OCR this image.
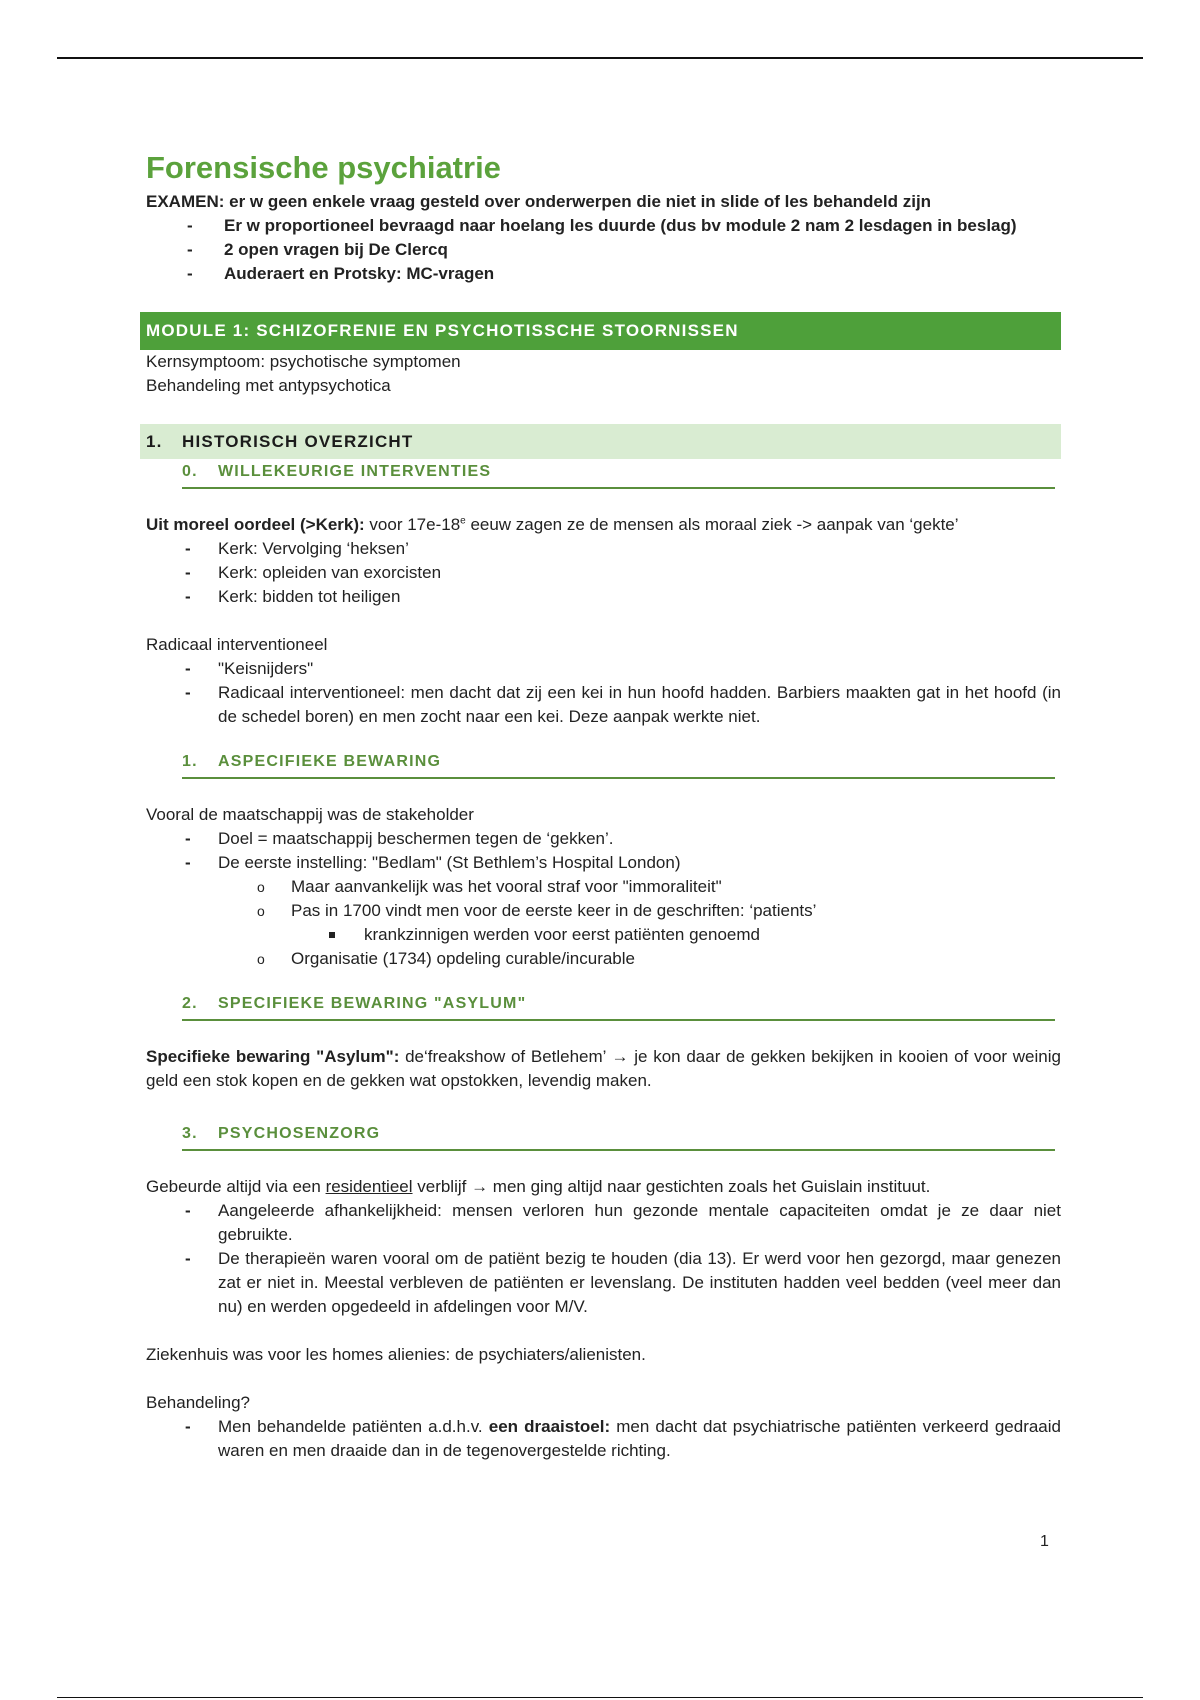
Forensische psychiatrie
EXAMEN: er w geen enkele vraag gesteld over onderwerpen die niet in slide of les behandeld zijn
- Er w proportioneel bevraagd naar hoelang les duurde (dus bv module 2 nam 2 lesdagen in beslag)
- 2 open vragen bij De Clercq
- Auderaert en Protsky: MC-vragen
MODULE 1: SCHIZOFRENIE EN PSYCHOTISSCHE STOORNISSEN
Kernsymptoom: psychotische symptomen
Behandeling met antypsychotica
1. HISTORISCH OVERZICHT
0. WILLEKEURIGE INTERVENTIES
Uit moreel oordeel (>Kerk): voor 17e-18e eeuw zagen ze de mensen als moraal ziek -> aanpak van ‘gekte’
- Kerk: Vervolging ‘heksen’
- Kerk: opleiden van exorcisten
- Kerk: bidden tot heiligen
Radicaal interventioneel
- "Keisnijders"
- Radicaal interventioneel: men dacht dat zij een kei in hun hoofd hadden. Barbiers maakten gat in het hoofd (in de schedel boren) en men zocht naar een kei. Deze aanpak werkte niet.
1. ASPECIFIEKE BEWARING
Vooral de maatschappij was de stakeholder
- Doel = maatschappij beschermen tegen de ‘gekken’.
- De eerste instelling: "Bedlam" (St Bethlem’s Hospital London)
o Maar aanvankelijk was het vooral straf voor "immoraliteit"
o Pas in 1700 vindt men voor de eerste keer in de geschriften: ‘patients’
krankzinnigen werden voor eerst patiënten genoemd
o Organisatie (1734) opdeling curable/incurable
2. SPECIFIEKE BEWARING "ASYLUM"
Specifieke bewaring "Asylum": de‘freakshow of Betlehem’ → je kon daar de gekken bekijken in kooien of voor weinig geld een stok kopen en de gekken wat opstokken, levendig maken.
3. PSYCHOSENZORG
Gebeurde altijd via een residentieel verblijf → men ging altijd naar gestichten zoals het Guislain instituut.
- Aangeleerde afhankelijkheid: mensen verloren hun gezonde mentale capaciteiten omdat je ze daar niet gebruikte.
- De therapieën waren vooral om de patiënt bezig te houden (dia 13). Er werd voor hen gezorgd, maar genezen zat er niet in. Meestal verbleven de patiënten er levenslang. De instituten hadden veel bedden (veel meer dan nu) en werden opgedeeld in afdelingen voor M/V.
Ziekenhuis was voor les homes alienies: de psychiaters/alienisten.
Behandeling?
- Men behandelde patiënten a.d.h.v. een draaistoel: men dacht dat psychiatrische patiënten verkeerd gedraaid waren en men draaide dan in de tegenovergestelde richting.
1
